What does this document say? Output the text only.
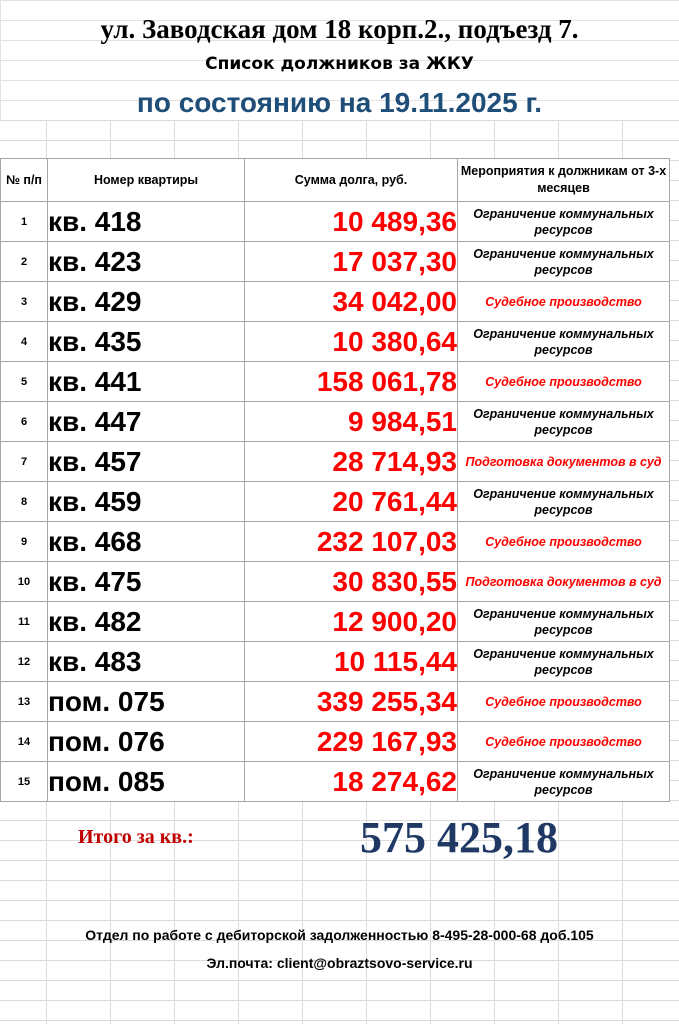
ул. Заводская дом 18 корп.2., подъезд 7.
Список должников за ЖКУ
по состоянию на 19.11.2025 г.
№ п/п	Номер квартиры	Сумма долга, руб.	Мероприятия к должникам от 3-х месяцев
1	кв. 418	10 489,36	Ограничение коммунальных ресурсов
2	кв. 423	17 037,30	Ограничение коммунальных ресурсов
3	кв. 429	34 042,00	Судебное производство
4	кв. 435	10 380,64	Ограничение коммунальных ресурсов
5	кв. 441	158 061,78	Судебное производство
6	кв. 447	9 984,51	Ограничение коммунальных ресурсов
7	кв. 457	28 714,93	Подготовка документов в суд
8	кв. 459	20 761,44	Ограничение коммунальных ресурсов
9	кв. 468	232 107,03	Судебное производство
10	кв. 475	30 830,55	Подготовка документов в суд
11	кв. 482	12 900,20	Ограничение коммунальных ресурсов
12	кв. 483	10 115,44	Ограничение коммунальных ресурсов
13	пом. 075	339 255,34	Судебное производство
14	пом. 076	229 167,93	Судебное производство
15	пом. 085	18 274,62	Ограничение коммунальных ресурсов
Итого за кв.:	575 425,18
Отдел по работе с дебиторской задолженностью 8-495-28-000-68 доб.105
Эл.почта: client@obraztsovo-service.ru
